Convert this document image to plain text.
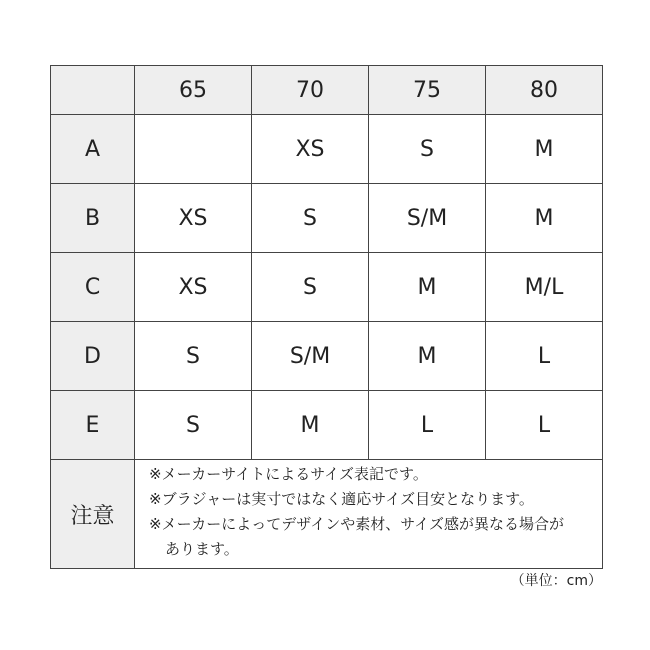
	65	70	75	80
A		XS	S	M
B	XS	S	S/M	M
C	XS	S	M	M/L
D	S	S/M	M	L
E	S	M	L	L
注意	※メーカーサイトによるサイズ表記です。
※ブラジャーは実寸ではなく適応サイズ目安となります。
※メーカーによってデザインや素材、サイズ感が異なる場合が
あります。			
（単位：cm）
